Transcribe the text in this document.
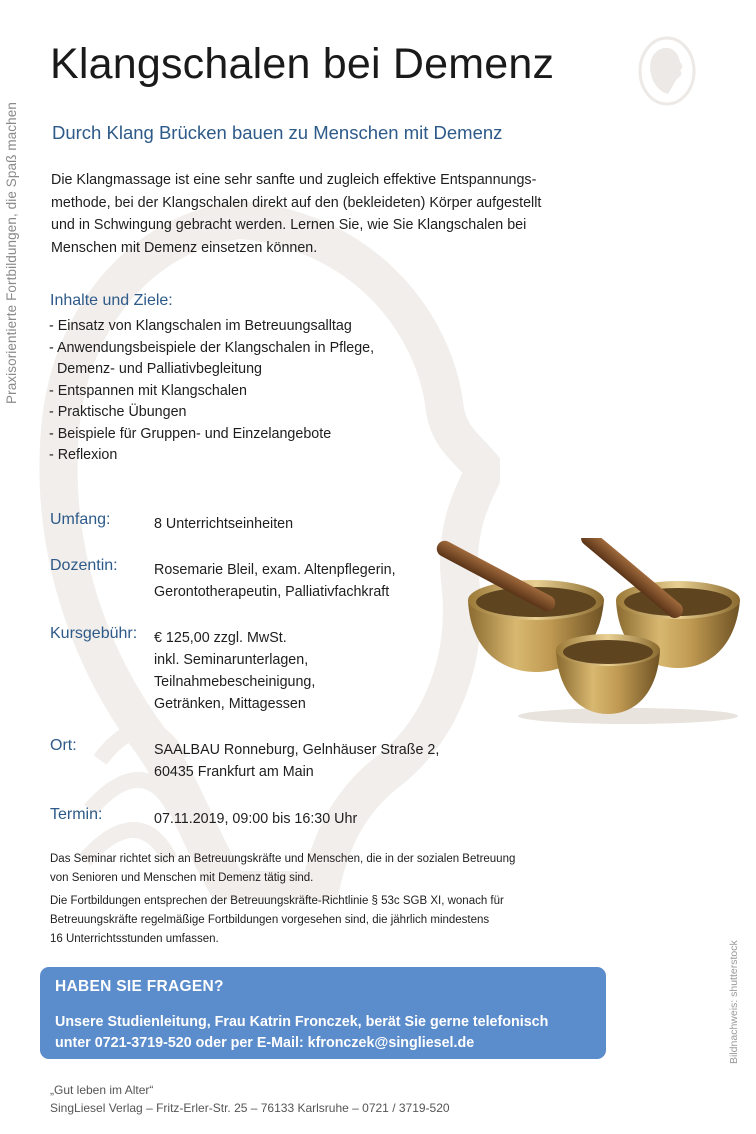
Praxisorientierte Fortbildungen, die Spaß machen
Bildnachweis: shutterstock
Klangschalen bei Demenz
Durch Klang Brücken bauen zu Menschen mit Demenz
Die Klangmassage ist eine sehr sanfte und zugleich effektive Entspannungs-
methode, bei der Klangschalen direkt auf den (bekleideten) Körper aufgestellt
und in Schwingung gebracht werden. Lernen Sie, wie Sie Klangschalen bei
Menschen mit Demenz einsetzen können.
Inhalte und Ziele:
- Einsatz von Klangschalen im Betreuungsalltag
- Anwendungsbeispiele der Klangschalen in Pflege,
Demenz- und Palliativbegleitung
- Entspannen mit Klangschalen
- Praktische Übungen
- Beispiele für Gruppen- und Einzelangebote
- Reflexion
Umfang:	8 Unterrichtseinheiten
Dozentin:	Rosemarie Bleil, exam. Altenpflegerin,
Gerontotherapeutin, Palliativfachkraft
Kursgebühr: € 125,00 zzgl. MwSt.
inkl. Seminarunterlagen,
Teilnahmebescheinigung,
Getränken, Mittagessen
Ort:	SAALBAU Ronneburg, Gelnhäuser Straße 2,
60435 Frankfurt am Main
Termin:	07.11.2019, 09:00 bis 16:30 Uhr
Das Seminar richtet sich an Betreuungskräfte und Menschen, die in der sozialen Betreuung
von Senioren und Menschen mit Demenz tätig sind.
Die Fortbildungen entsprechen der Betreuungskräfte-Richtlinie § 53c SGB XI, wonach für
Betreuungskräfte regelmäßige Fortbildungen vorgesehen sind, die jährlich mindestens
16 Unterrichtsstunden umfassen.
HABEN SIE FRAGEN?
Unsere Studienleitung, Frau Katrin Fronczek, berät Sie gerne telefonisch
unter 0721-3719-520 oder per E-Mail: kfronczek@singliesel.de
„Gut leben im Alter“
SingLiesel Verlag – Fritz-Erler-Str. 25 – 76133 Karlsruhe – 0721 / 3719-520
